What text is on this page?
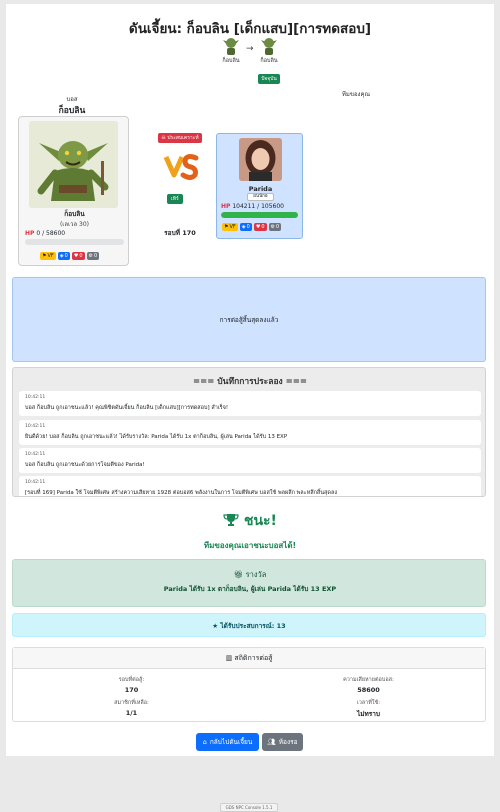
ดันเจี้ยน: ก็อบลิน [เด็กแสบ][การทดสอบ]
ก็อบลิน
→
ก็อบลิน
ปัจจุบัน
บอส
ก็อบลิน
ทีมของคุณ
ก็อบลิน
(เลเวล 30)
HP 0 / 58600
⚑ VF ◈ 0 ♥ 0 ⚙ 0
☠ ประสบเคราะห์
VS
เทิร์
รอบที่ 170
Parida
ผนนักอ
HP 104211 / 105600
⚑ VF ◈ 0 ♥ 0 ⚙ 0
การต่อสู้สิ้นสุดลงแล้ว
=== บันทึกการประลอง ===
10:42:11
บอส ก็อบลิน ถูกเอาชนะแล้ว! คุณพิชิตดันเจี้ยน ก็อบลิน [เด็กแสบ][การทดสอบ] สำเร็จ!
10:42:11
ยินดีด้วย! บอส ก็อบลิน ถูกเอาชนะแล้ว! ได้รับรางวัล: Parida ได้รับ 1x ตาก็อบลิน, ผู้เล่น Parida ได้รับ 13 EXP
10:42:11
บอส ก็อบลิน ถูกเอาชนะด้วยการโจมตีของ Parida!
10:42:11
[รอบที่ 169] Parida ใช้ โจมตีพิเศษ สร้างความเสียหาย 1928 ต่อบอส6 พลังงานในการ โจมตีพิเศษ บอสใช้ พลผลึก พละหลึกสิ้นสุดลง
ชนะ!
ทีมของคุณเอาชนะบอสได้!
🎁︎ รางวัล
Parida ได้รับ 1x ตาก็อบลิน, ผู้เล่น Parida ได้รับ 13 EXP
★ ได้รับประสบการณ์: 13
▥ สถิติการต่อสู้
รอบที่ต่อสู้:
170
ความเสียหายต่อบอส:
58600
สมาชิกที่เหลือ:
1/1
เวลาที่ใช้:
ไม่ทราบ
⌂ กลับไปดันเจี้ยน 👥︎ ห้องรอ
GDS NPC Console 1.5.1
